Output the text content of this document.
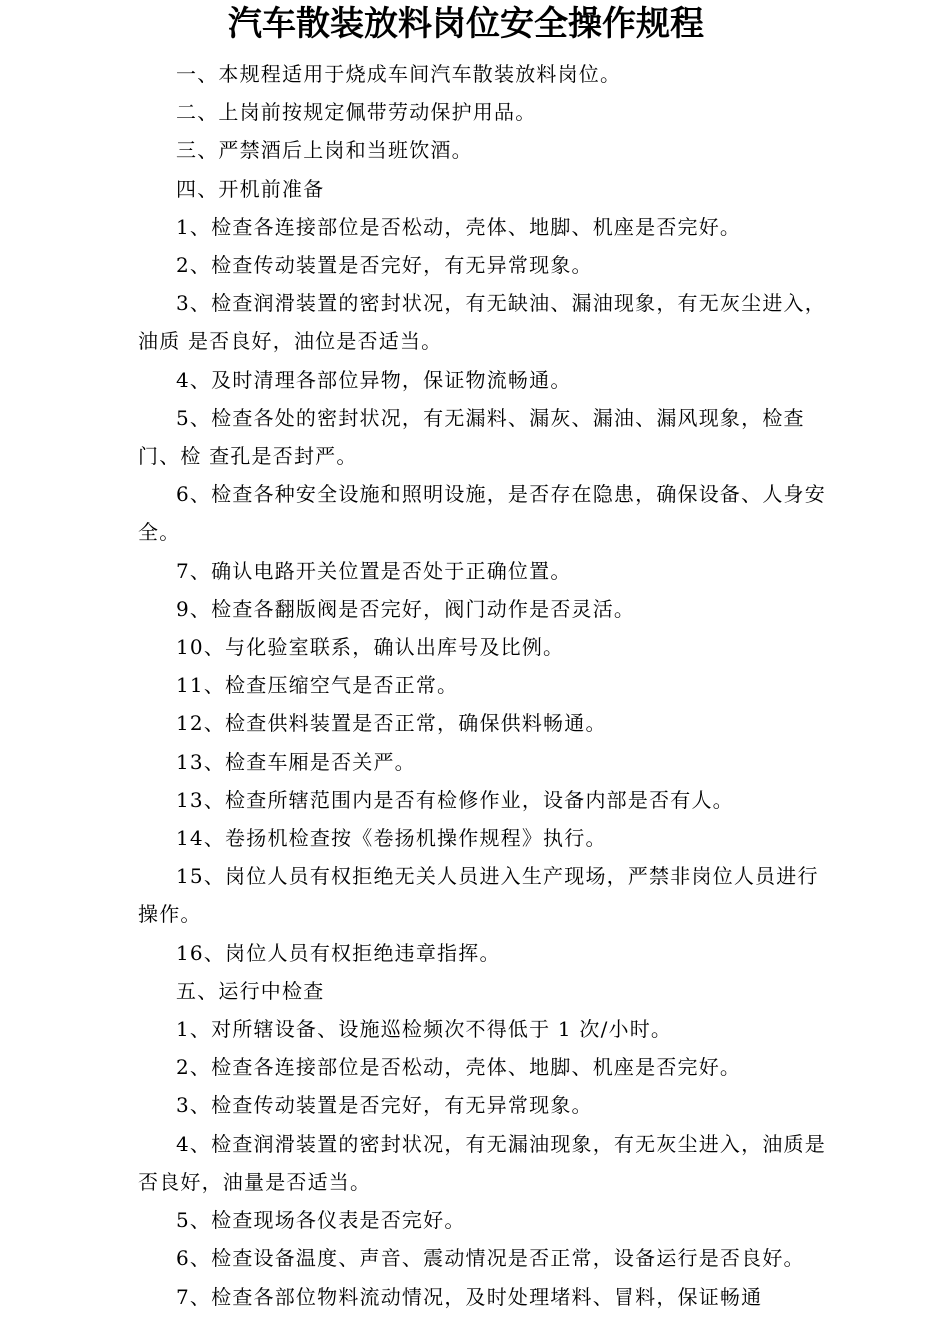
汽车散装放料岗位安全操作规程

一、本规程适用于烧成车间汽车散装放料岗位。

二、上岗前按规定佩带劳动保护用品。

三、严禁酒后上岗和当班饮酒。

四、开机前准备

1、检查各连接部位是否松动，壳体、地脚、机座是否完好。

2、检查传动装置是否完好，有无异常现象。

3、检查润滑装置的密封状况，有无缺油、漏油现象，有无灰尘进入，油质 是否良好，油位是否适当。

4、及时清理各部位异物，保证物流畅通。

5、检查各处的密封状况，有无漏料、漏灰、漏油、漏风现象，检查门、检 查孔是否封严。

6、检查各种安全设施和照明设施，是否存在隐患，确保设备、人身安全。

7、确认电路开关位置是否处于正确位置。

9、检查各翻版阀是否完好，阀门动作是否灵活。

10、与化验室联系，确认出库号及比例。

11、检查压缩空气是否正常。

12、检查供料装置是否正常，确保供料畅通。

13、检查车厢是否关严。

13、检查所辖范围内是否有检修作业，设备内部是否有人。

14、卷扬机检查按《卷扬机操作规程》执行。

15、岗位人员有权拒绝无关人员进入生产现场，严禁非岗位人员进行操作。

16、岗位人员有权拒绝违章指挥。

五、运行中检查

1、对所辖设备、设施巡检频次不得低于 1 次/小时。

2、检查各连接部位是否松动，壳体、地脚、机座是否完好。

3、检查传动装置是否完好，有无异常现象。

4、检查润滑装置的密封状况，有无漏油现象，有无灰尘进入，油质是否良好，油量是否适当。

5、检查现场各仪表是否完好。

6、检查设备温度、声音、震动情况是否正常，设备运行是否良好。

7、检查各部位物料流动情况，及时处理堵料、冒料，保证畅通
